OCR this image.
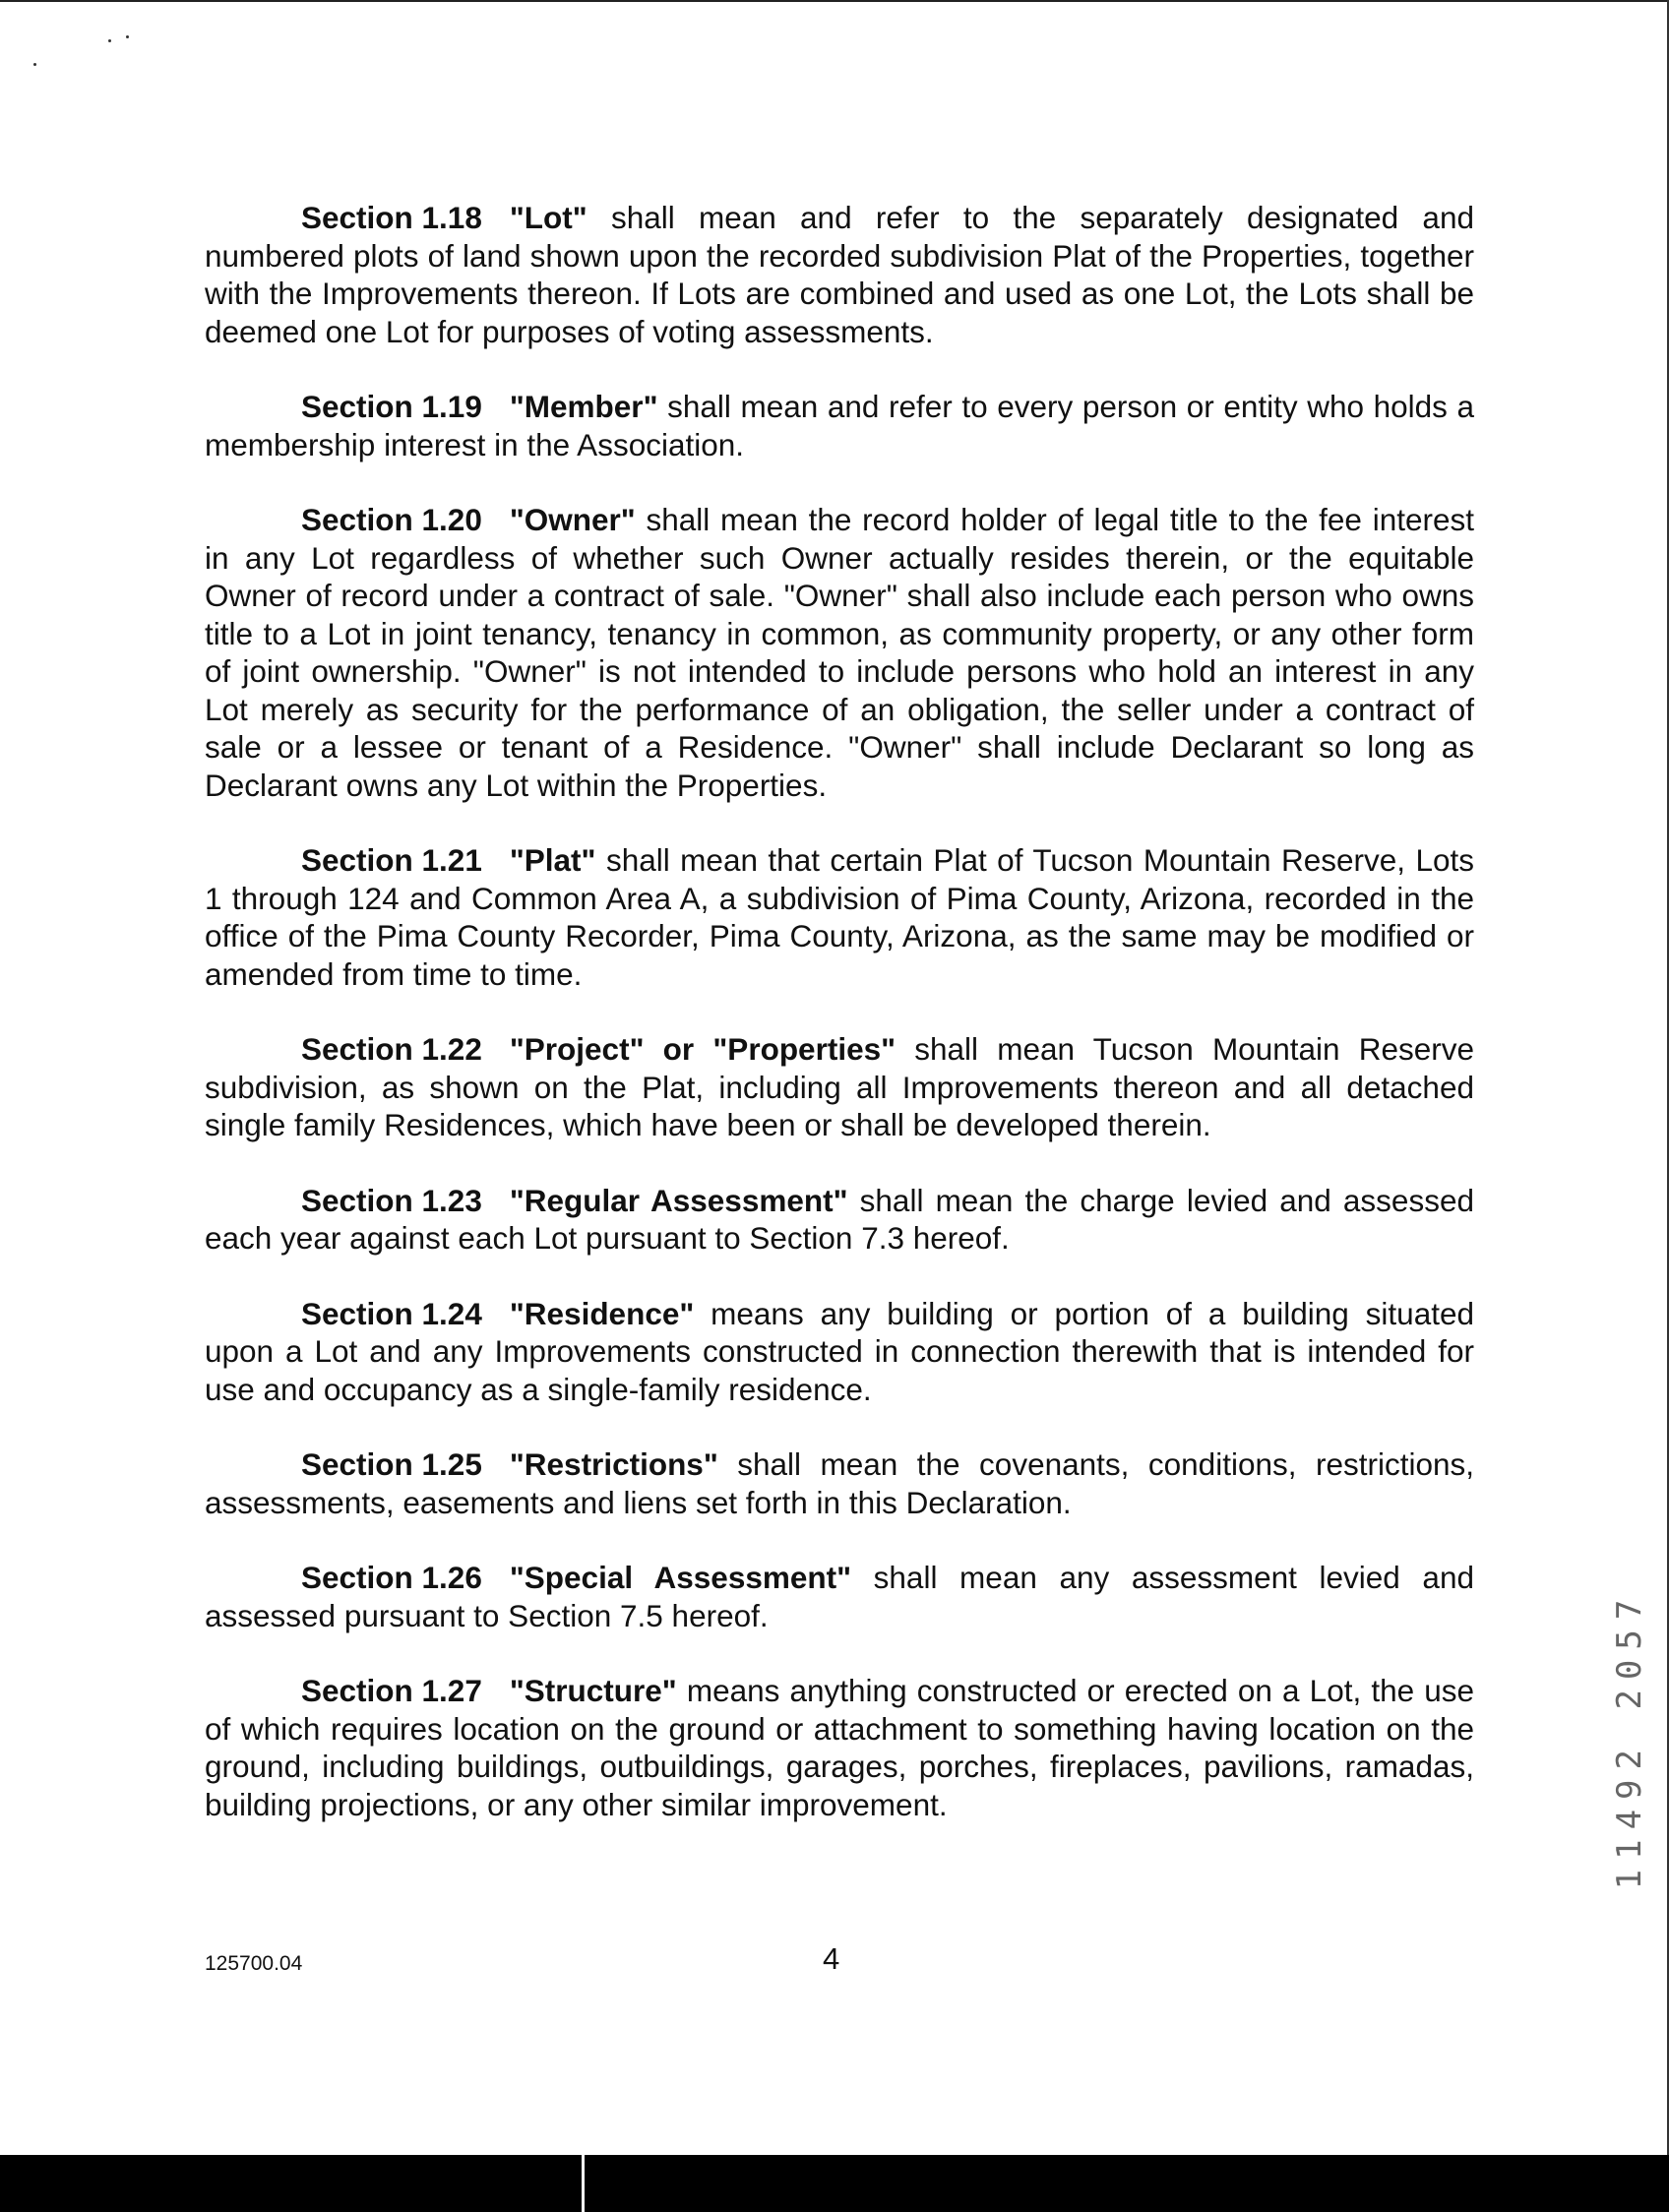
Section 1.18 "Lot" shall mean and refer to the separately designated and numbered plots of land shown upon the recorded subdivision Plat of the Properties, together with the Improvements thereon. If Lots are combined and used as one Lot, the Lots shall be deemed one Lot for purposes of voting assessments.

Section 1.19 "Member" shall mean and refer to every person or entity who holds a membership interest in the Association.

Section 1.20 "Owner" shall mean the record holder of legal title to the fee interest in any Lot regardless of whether such Owner actually resides therein, or the equitable Owner of record under a contract of sale. "Owner" shall also include each person who owns title to a Lot in joint tenancy, tenancy in common, as community property, or any other form of joint ownership. "Owner" is not intended to include persons who hold an interest in any Lot merely as security for the performance of an obligation, the seller under a contract of sale or a lessee or tenant of a Residence. "Owner" shall include Declarant so long as Declarant owns any Lot within the Properties.

Section 1.21 "Plat" shall mean that certain Plat of Tucson Mountain Reserve, Lots 1 through 124 and Common Area A, a subdivision of Pima County, Arizona, recorded in the office of the Pima County Recorder, Pima County, Arizona, as the same may be modified or amended from time to time.

Section 1.22 "Project" or "Properties" shall mean Tucson Mountain Reserve subdivision, as shown on the Plat, including all Improvements thereon and all detached single family Residences, which have been or shall be developed therein.

Section 1.23 "Regular Assessment" shall mean the charge levied and assessed each year against each Lot pursuant to Section 7.3 hereof.

Section 1.24 "Residence" means any building or portion of a building situated upon a Lot and any Improvements constructed in connection therewith that is intended for use and occupancy as a single-family residence.

Section 1.25 "Restrictions" shall mean the covenants, conditions, restrictions, assessments, easements and liens set forth in this Declaration.

Section 1.26 "Special Assessment" shall mean any assessment levied and assessed pursuant to Section 7.5 hereof.

Section 1.27 "Structure" means anything constructed or erected on a Lot, the use of which requires location on the ground or attachment to something having location on the ground, including buildings, outbuildings, garages, porches, fireplaces, pavilions, ramadas, building projections, or any other similar improvement.

125700.04	4
11492 2057
